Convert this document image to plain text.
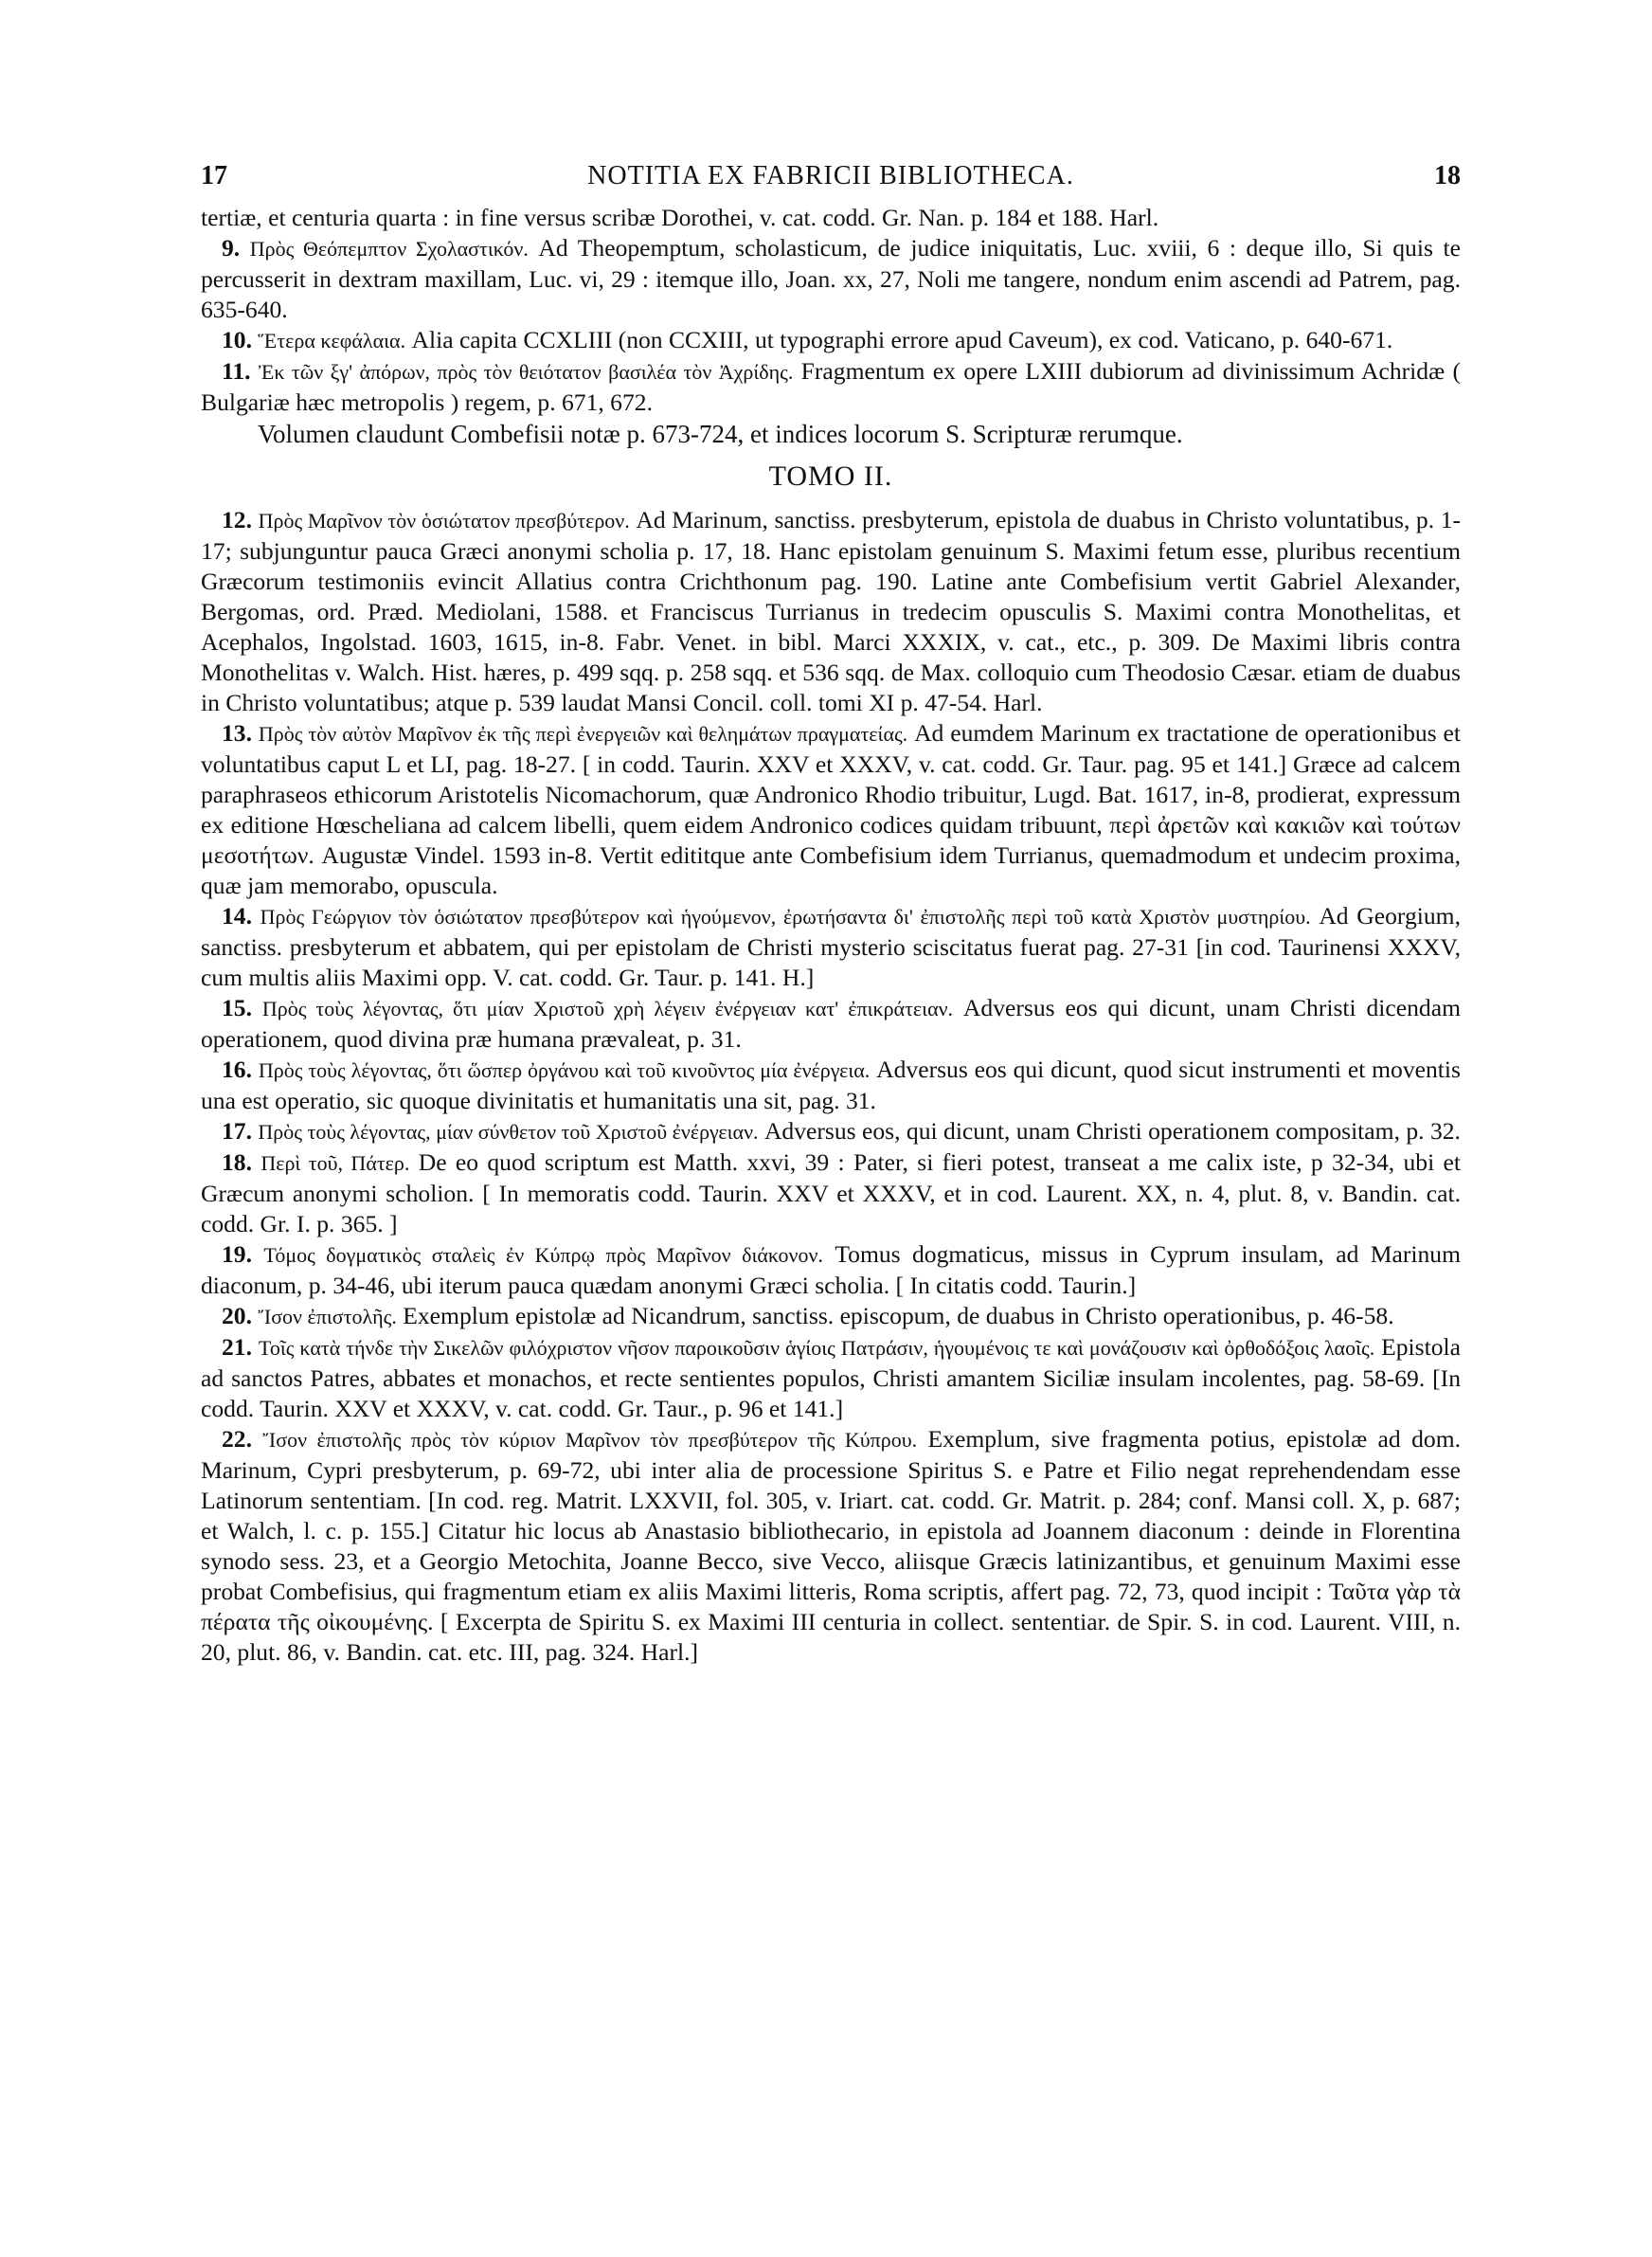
17	NOTITIA EX FABRICII BIBLIOTHECA.	18

tertiæ, et centuria quarta : in fine versus scribæ Dorothei, v. cat. codd. Gr. Nan. p. 184 et 188. Harl.

9. Πρὸς Θεόπεμπτον Σχολαστικόν. Ad Theopemptum, scholasticum, de judice iniquitatis, Luc. xviii, 6 : deque illo, Si quis te percusserit in dextram maxillam, Luc. vi, 29 : itemque illo, Joan. xx, 27, Noli me tangere, nondum enim ascendi ad Patrem, pag. 635-640.

10. Ἕτερα κεφάλαια. Alia capita CCXLIII (non CCXIII, ut typographi errore apud Caveum), ex cod. Vaticano, p. 640-671.

11. Ἐκ τῶν ξγ' ἀπόρων, πρὸς τὸν θειότατον βασιλέα τὸν Ἀχρίδης. Fragmentum ex opere LXIII dubiorum ad divinissimum Achridæ ( Bulgariæ hæc metropolis ) regem, p. 671, 672.

Volumen claudunt Combefisii notæ p. 673-724, et indices locorum S. Scripturæ rerumque.

TOMO II.

12. Πρὸς Μαρῖνον τὸν ὁσιώτατον πρεσβύτερον. Ad Marinum, sanctiss. presbyterum, epistola de duabus in Christo voluntatibus, p. 1-17; subjunguntur pauca Græci anonymi scholia p. 17, 18. Hanc epistolam genuinum S. Maximi fetum esse, pluribus recentium Græcorum testimoniis evincit Allatius contra Crichthonum pag. 190. Latine ante Combefisium vertit Gabriel Alexander, Bergomas, ord. Præd. Mediolani, 1588. et Franciscus Turrianus in tredecim opusculis S. Maximi contra Monothelitas, et Acephalos, Ingolstad. 1603, 1615, in-8. Fabr. Venet. in bibl. Marci XXXIX, v. cat., etc., p. 309. De Maximi libris contra Monothelitas v. Walch. Hist. hæres, p. 499 sqq. p. 258 sqq. et 536 sqq. de Max. colloquio cum Theodosio Cæsar. etiam de duabus in Christo voluntatibus; atque p. 539 laudat Mansi Concil. coll. tomi XI p. 47-54. Harl.

13. Πρὸς τὸν αὐτὸν Μαρῖνον ἐκ τῆς περὶ ἐνεργειῶν καὶ θελημάτων πραγματείας. Ad eumdem Marinum ex tractatione de operationibus et voluntatibus caput L et LI, pag. 18-27. [ in codd. Taurin. XXV et XXXV, v. cat. codd. Gr. Taur. pag. 95 et 141.] Græce ad calcem paraphraseos ethicorum Aristotelis Nicomachorum, quæ Andronico Rhodio tribuitur, Lugd. Bat. 1617, in-8, prodierat, expressum ex editione Hœscheliana ad calcem libelli, quem eidem Andronico codices quidam tribuunt, περὶ ἀρετῶν καὶ κακιῶν καὶ τούτων μεσοτήτων. Augustæ Vindel. 1593 in-8. Vertit edititque ante Combefisium idem Turrianus, quemadmodum et undecim proxima, quæ jam memorabo, opuscula.

14. Πρὸς Γεώργιον τὸν ὁσιώτατον πρεσβύτερον καὶ ἡγούμενον, ἐρωτήσαντα δι' ἐπιστολῆς περὶ τοῦ κατὰ Χριστὸν μυστηρίου. Ad Georgium, sanctiss. presbyterum et abbatem, qui per epistolam de Christi mysterio sciscitatus fuerat pag. 27-31 [in cod. Taurinensi XXXV, cum multis aliis Maximi opp. V. cat. codd. Gr. Taur. p. 141. H.]

15. Πρὸς τοὺς λέγοντας, ὅτι μίαν Χριστοῦ χρὴ λέγειν ἐνέργειαν κατ' ἐπικράτειαν. Adversus eos qui dicunt, unam Christi dicendam operationem, quod divina præ humana prævaleat, p. 31.

16. Πρὸς τοὺς λέγοντας, ὅτι ὥσπερ ὀργάνου καὶ τοῦ κινοῦντος μία ἐνέργεια. Adversus eos qui dicunt, quod sicut instrumenti et moventis una est operatio, sic quoque divinitatis et humanitatis una sit, pag. 31.

17. Πρὸς τοὺς λέγοντας, μίαν σύνθετον τοῦ Χριστοῦ ἐνέργειαν. Adversus eos, qui dicunt, unam Christi operationem compositam, p. 32.

18. Περὶ τοῦ, Πάτερ. De eo quod scriptum est Matth. xxvi, 39 : Pater, si fieri potest, transeat a me calix iste, p 32-34, ubi et Græcum anonymi scholion. [ In memoratis codd. Taurin. XXV et XXXV, et in cod. Laurent. XX, n. 4, plut. 8, v. Bandin. cat. codd. Gr. I. p. 365. ]

19. Τόμος δογματικὸς σταλεὶς ἐν Κύπρῳ πρὸς Μαρῖνον διάκονον. Tomus dogmaticus, missus in Cyprum insulam, ad Marinum diaconum, p. 34-46, ubi iterum pauca quædam anonymi Græci scholia. [ In citatis codd. Taurin.]

20. Ἴσον ἐπιστολῆς. Exemplum epistolæ ad Nicandrum, sanctiss. episcopum, de duabus in Christo operationibus, p. 46-58.

21. Τοῖς κατὰ τήνδε τὴν Σικελῶν φιλόχριστον νῆσον παροικοῦσιν ἁγίοις Πατράσιν, ἡγουμένοις τε καὶ μονάζουσιν καὶ ὀρθοδόξοις λαοῖς. Epistola ad sanctos Patres, abbates et monachos, et recte sentientes populos, Christi amantem Siciliæ insulam incolentes, pag. 58-69. [In codd. Taurin. XXV et XXXV, v. cat. codd. Gr. Taur., p. 96 et 141.]

22. Ἴσον ἐπιστολῆς πρὸς τὸν κύριον Μαρῖνον τὸν πρεσβύτερον τῆς Κύπρου. Exemplum, sive fragmenta potius, epistolæ ad dom. Marinum, Cypri presbyterum, p. 69-72, ubi inter alia de processione Spiritus S. e Patre et Filio negat reprehendendam esse Latinorum sententiam. [In cod. reg. Matrit. LXXVII, fol. 305, v. Iriart. cat. codd. Gr. Matrit. p. 284; conf. Mansi coll. X, p. 687; et Walch, l. c. p. 155.] Citatur hic locus ab Anastasio bibliothecario, in epistola ad Joannem diaconum : deinde in Florentina synodo sess. 23, et a Georgio Metochita, Joanne Becco, sive Vecco, aliisque Græcis latinizantibus, et genuinum Maximi esse probat Combefisius, qui fragmentum etiam ex aliis Maximi litteris, Roma scriptis, affert pag. 72, 73, quod incipit : Ταῦτα γὰρ τὰ πέρατα τῆς οἰκουμένης. [ Excerpta de Spiritu S. ex Maximi III centuria in collect. sententiar. de Spir. S. in cod. Laurent. VIII, n. 20, plut. 86, v. Bandin. cat. etc. III, pag. 324. Harl.]
